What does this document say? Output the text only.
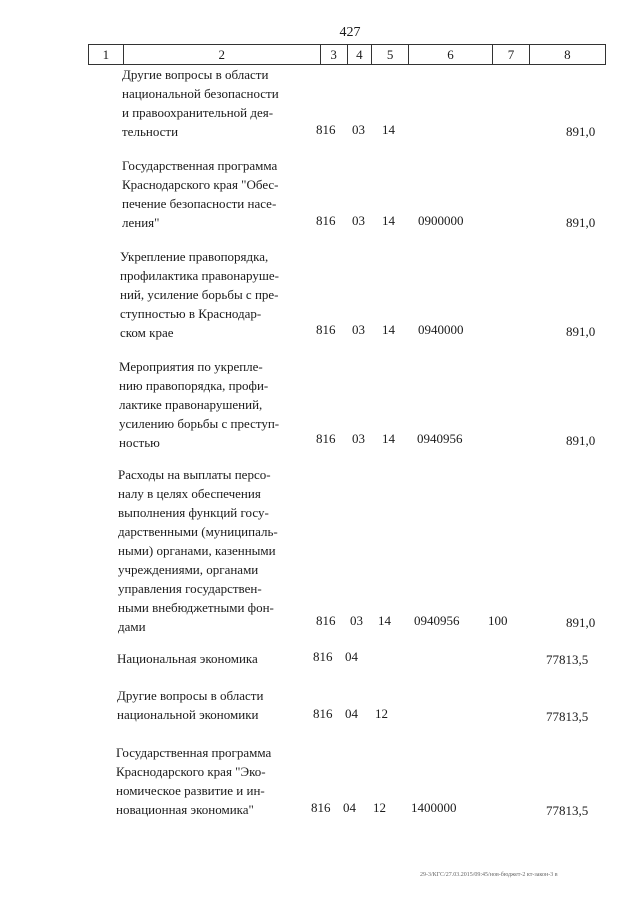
427
1	2	3	4	5	6	7	8
Другие вопросы в области
национальной безопасности
и правоохранительной дея-
тельности	816 03 14	891,0
Государственная программа
Краснодарского края "Обес-
печение безопасности насе-
ления"	816 03 14 0900000	891,0
Укрепление правопорядка,
профилактика правонаруше-
ний, усиление борьбы с пре-
ступностью в Краснодар-
ском крае	816 03 14 0940000	891,0
Мероприятия по укрепле-
нию правопорядка, профи-
лактике правонарушений,
усилению борьбы с преступ-
ностью	816 03 14 0940956	891,0
Расходы на выплаты персо-
налу в целях обеспечения
выполнения функций госу-
дарственными (муниципаль-
ными) органами, казенными
учреждениями, органами
управления государствен-
ными внебюджетными фон-
дами	816 03 14 0940956 100	891,0
Национальная экономика	816 04	77813,5
Другие вопросы в области
национальной экономики	816 04 12	77813,5
Государственная программа
Краснодарского края "Эко-
номическое развитие и ин-
новационная экономика"	816 04 12 1400000	77813,5
29-3/КГС/27.03.2015/09:45/нов-бюджет-2 кт-закон-3 в
